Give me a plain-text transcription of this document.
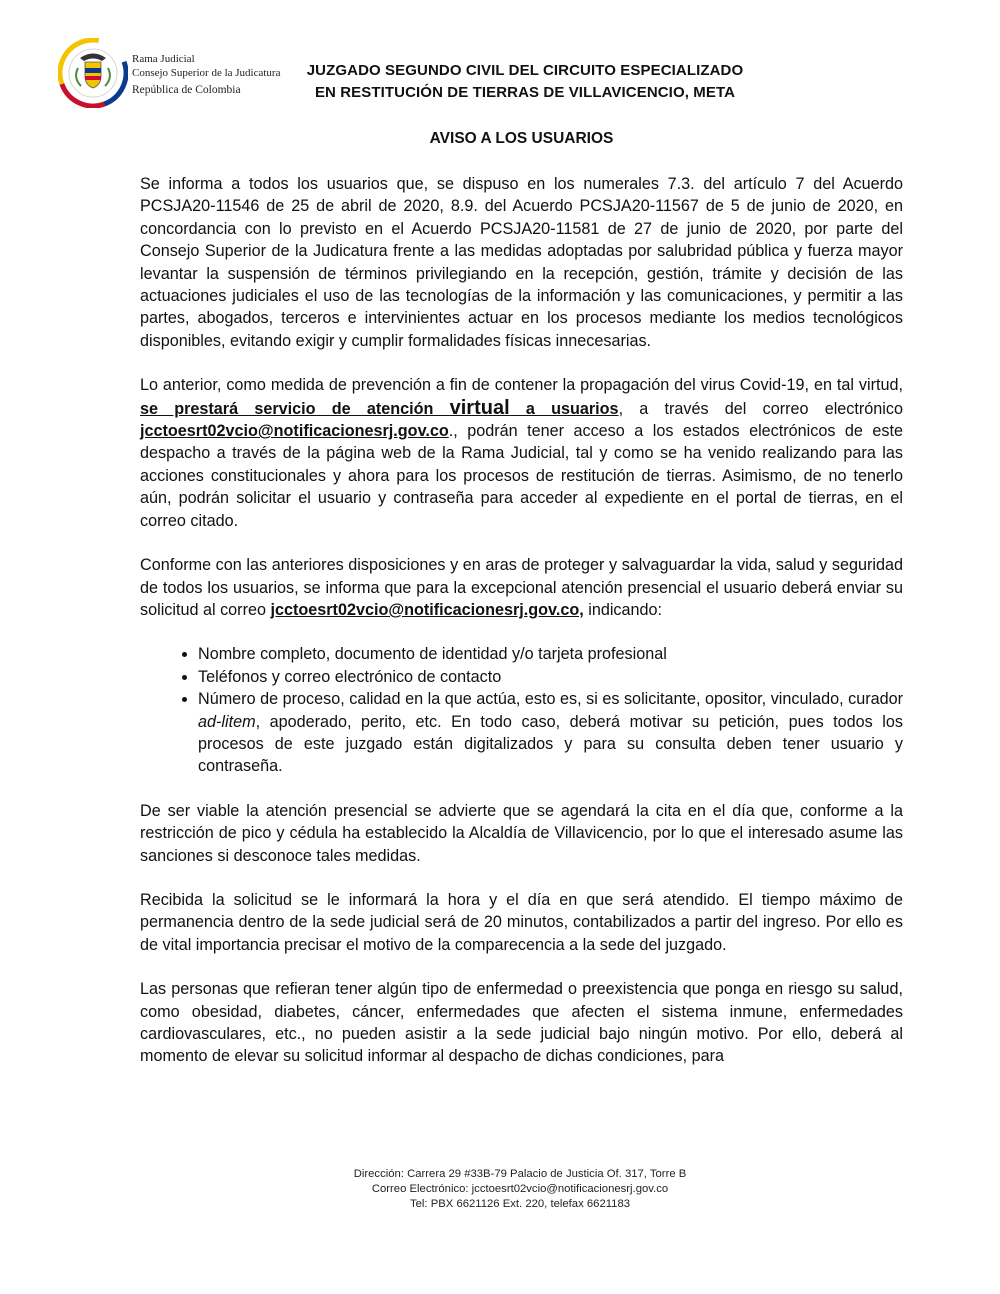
Rama Judicial
Consejo Superior de la Judicatura
República de Colombia
JUZGADO SEGUNDO CIVIL DEL CIRCUITO ESPECIALIZADO
EN RESTITUCIÓN DE TIERRAS DE VILLAVICENCIO, META
AVISO A LOS USUARIOS

Se informa a todos los usuarios que, se dispuso en los numerales 7.3. del artículo 7 del Acuerdo PCSJA20-11546 de 25 de abril de 2020, 8.9. del Acuerdo PCSJA20-11567 de 5 de junio de 2020, en concordancia con lo previsto en el Acuerdo PCSJA20-11581 de 27 de junio de 2020, por parte del Consejo Superior de la Judicatura frente a las medidas adoptadas por salubridad pública y fuerza mayor levantar la suspensión de términos privilegiando en la recepción, gestión, trámite y decisión de las actuaciones judiciales el uso de las tecnologías de la información y las comunicaciones, y permitir a las partes, abogados, terceros e intervinientes actuar en los procesos mediante los medios tecnológicos disponibles, evitando exigir y cumplir formalidades físicas innecesarias.

Lo anterior, como medida de prevención a fin de contener la propagación del virus Covid-19, en tal virtud, se prestará servicio de atención virtual a usuarios, a través del correo electrónico jcctoesrt02vcio@notificacionesrj.gov.co., podrán tener acceso a los estados electrónicos de este despacho a través de la página web de la Rama Judicial, tal y como se ha venido realizando para las acciones constitucionales y ahora para los procesos de restitución de tierras. Asimismo, de no tenerlo aún, podrán solicitar el usuario y contraseña para acceder al expediente en el portal de tierras, en el correo citado.

Conforme con las anteriores disposiciones y en aras de proteger y salvaguardar la vida, salud y seguridad de todos los usuarios, se informa que para la excepcional atención presencial el usuario deberá enviar su solicitud al correo jcctoesrt02vcio@notificacionesrj.gov.co, indicando:

• Nombre completo, documento de identidad y/o tarjeta profesional
• Teléfonos y correo electrónico de contacto
• Número de proceso, calidad en la que actúa, esto es, si es solicitante, opositor, vinculado, curador ad-litem, apoderado, perito, etc. En todo caso, deberá motivar su petición, pues todos los procesos de este juzgado están digitalizados y para su consulta deben tener usuario y contraseña.

De ser viable la atención presencial se advierte que se agendará la cita en el día que, conforme a la restricción de pico y cédula ha establecido la Alcaldía de Villavicencio, por lo que el interesado asume las sanciones si desconoce tales medidas.

Recibida la solicitud se le informará la hora y el día en que será atendido. El tiempo máximo de permanencia dentro de la sede judicial será de 20 minutos, contabilizados a partir del ingreso. Por ello es de vital importancia precisar el motivo de la comparecencia a la sede del juzgado.

Las personas que refieran tener algún tipo de enfermedad o preexistencia que ponga en riesgo su salud, como obesidad, diabetes, cáncer, enfermedades que afecten el sistema inmune, enfermedades cardiovasculares, etc., no pueden asistir a la sede judicial bajo ningún motivo. Por ello, deberá al momento de elevar su solicitud informar al despacho de dichas condiciones, para

Dirección: Carrera 29 #33B-79 Palacio de Justicia Of. 317, Torre B
Correo Electrónico: jcctoesrt02vcio@notificacionesrj.gov.co
Tel: PBX 6621126 Ext. 220, telefax 6621183
